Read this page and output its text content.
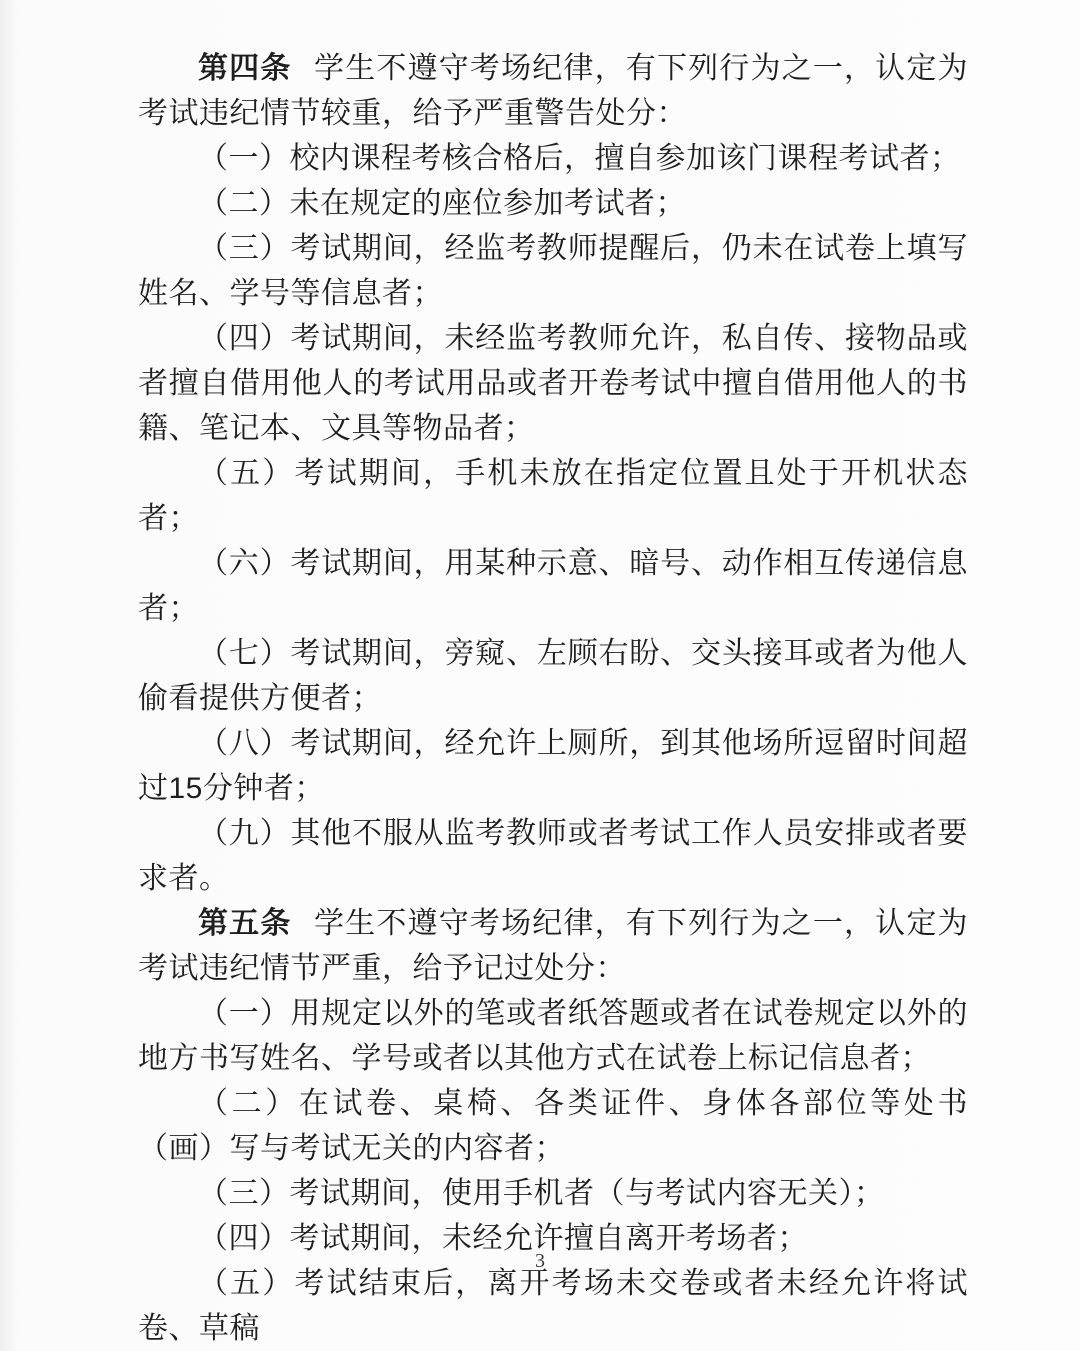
第四条 学生不遵守考场纪律，有下列行为之一，认定为考试违纪情节较重，给予严重警告处分：

（一）校内课程考核合格后，擅自参加该门课程考试者；

（二）未在规定的座位参加考试者；

（三）考试期间，经监考教师提醒后，仍未在试卷上填写姓名、学号等信息者；

（四）考试期间，未经监考教师允许，私自传、接物品或者擅自借用他人的考试用品或者开卷考试中擅自借用他人的书籍、笔记本、文具等物品者；

（五）考试期间，手机未放在指定位置且处于开机状态者；

（六）考试期间，用某种示意、暗号、动作相互传递信息者；

（七）考试期间，旁窥、左顾右盼、交头接耳或者为他人偷看提供方便者；

（八）考试期间，经允许上厕所，到其他场所逗留时间超过15分钟者；

（九）其他不服从监考教师或者考试工作人员安排或者要求者。

第五条 学生不遵守考场纪律，有下列行为之一，认定为考试违纪情节严重，给予记过处分：

（一）用规定以外的笔或者纸答题或者在试卷规定以外的地方书写姓名、学号或者以其他方式在试卷上标记信息者；

（二）在试卷、桌椅、各类证件、身体各部位等处书（画）写与考试无关的内容者；

（三）考试期间，使用手机者（与考试内容无关）；

（四）考试期间，未经允许擅自离开考场者；

（五）考试结束后，离开考场未交卷或者未经允许将试卷、草稿

3
